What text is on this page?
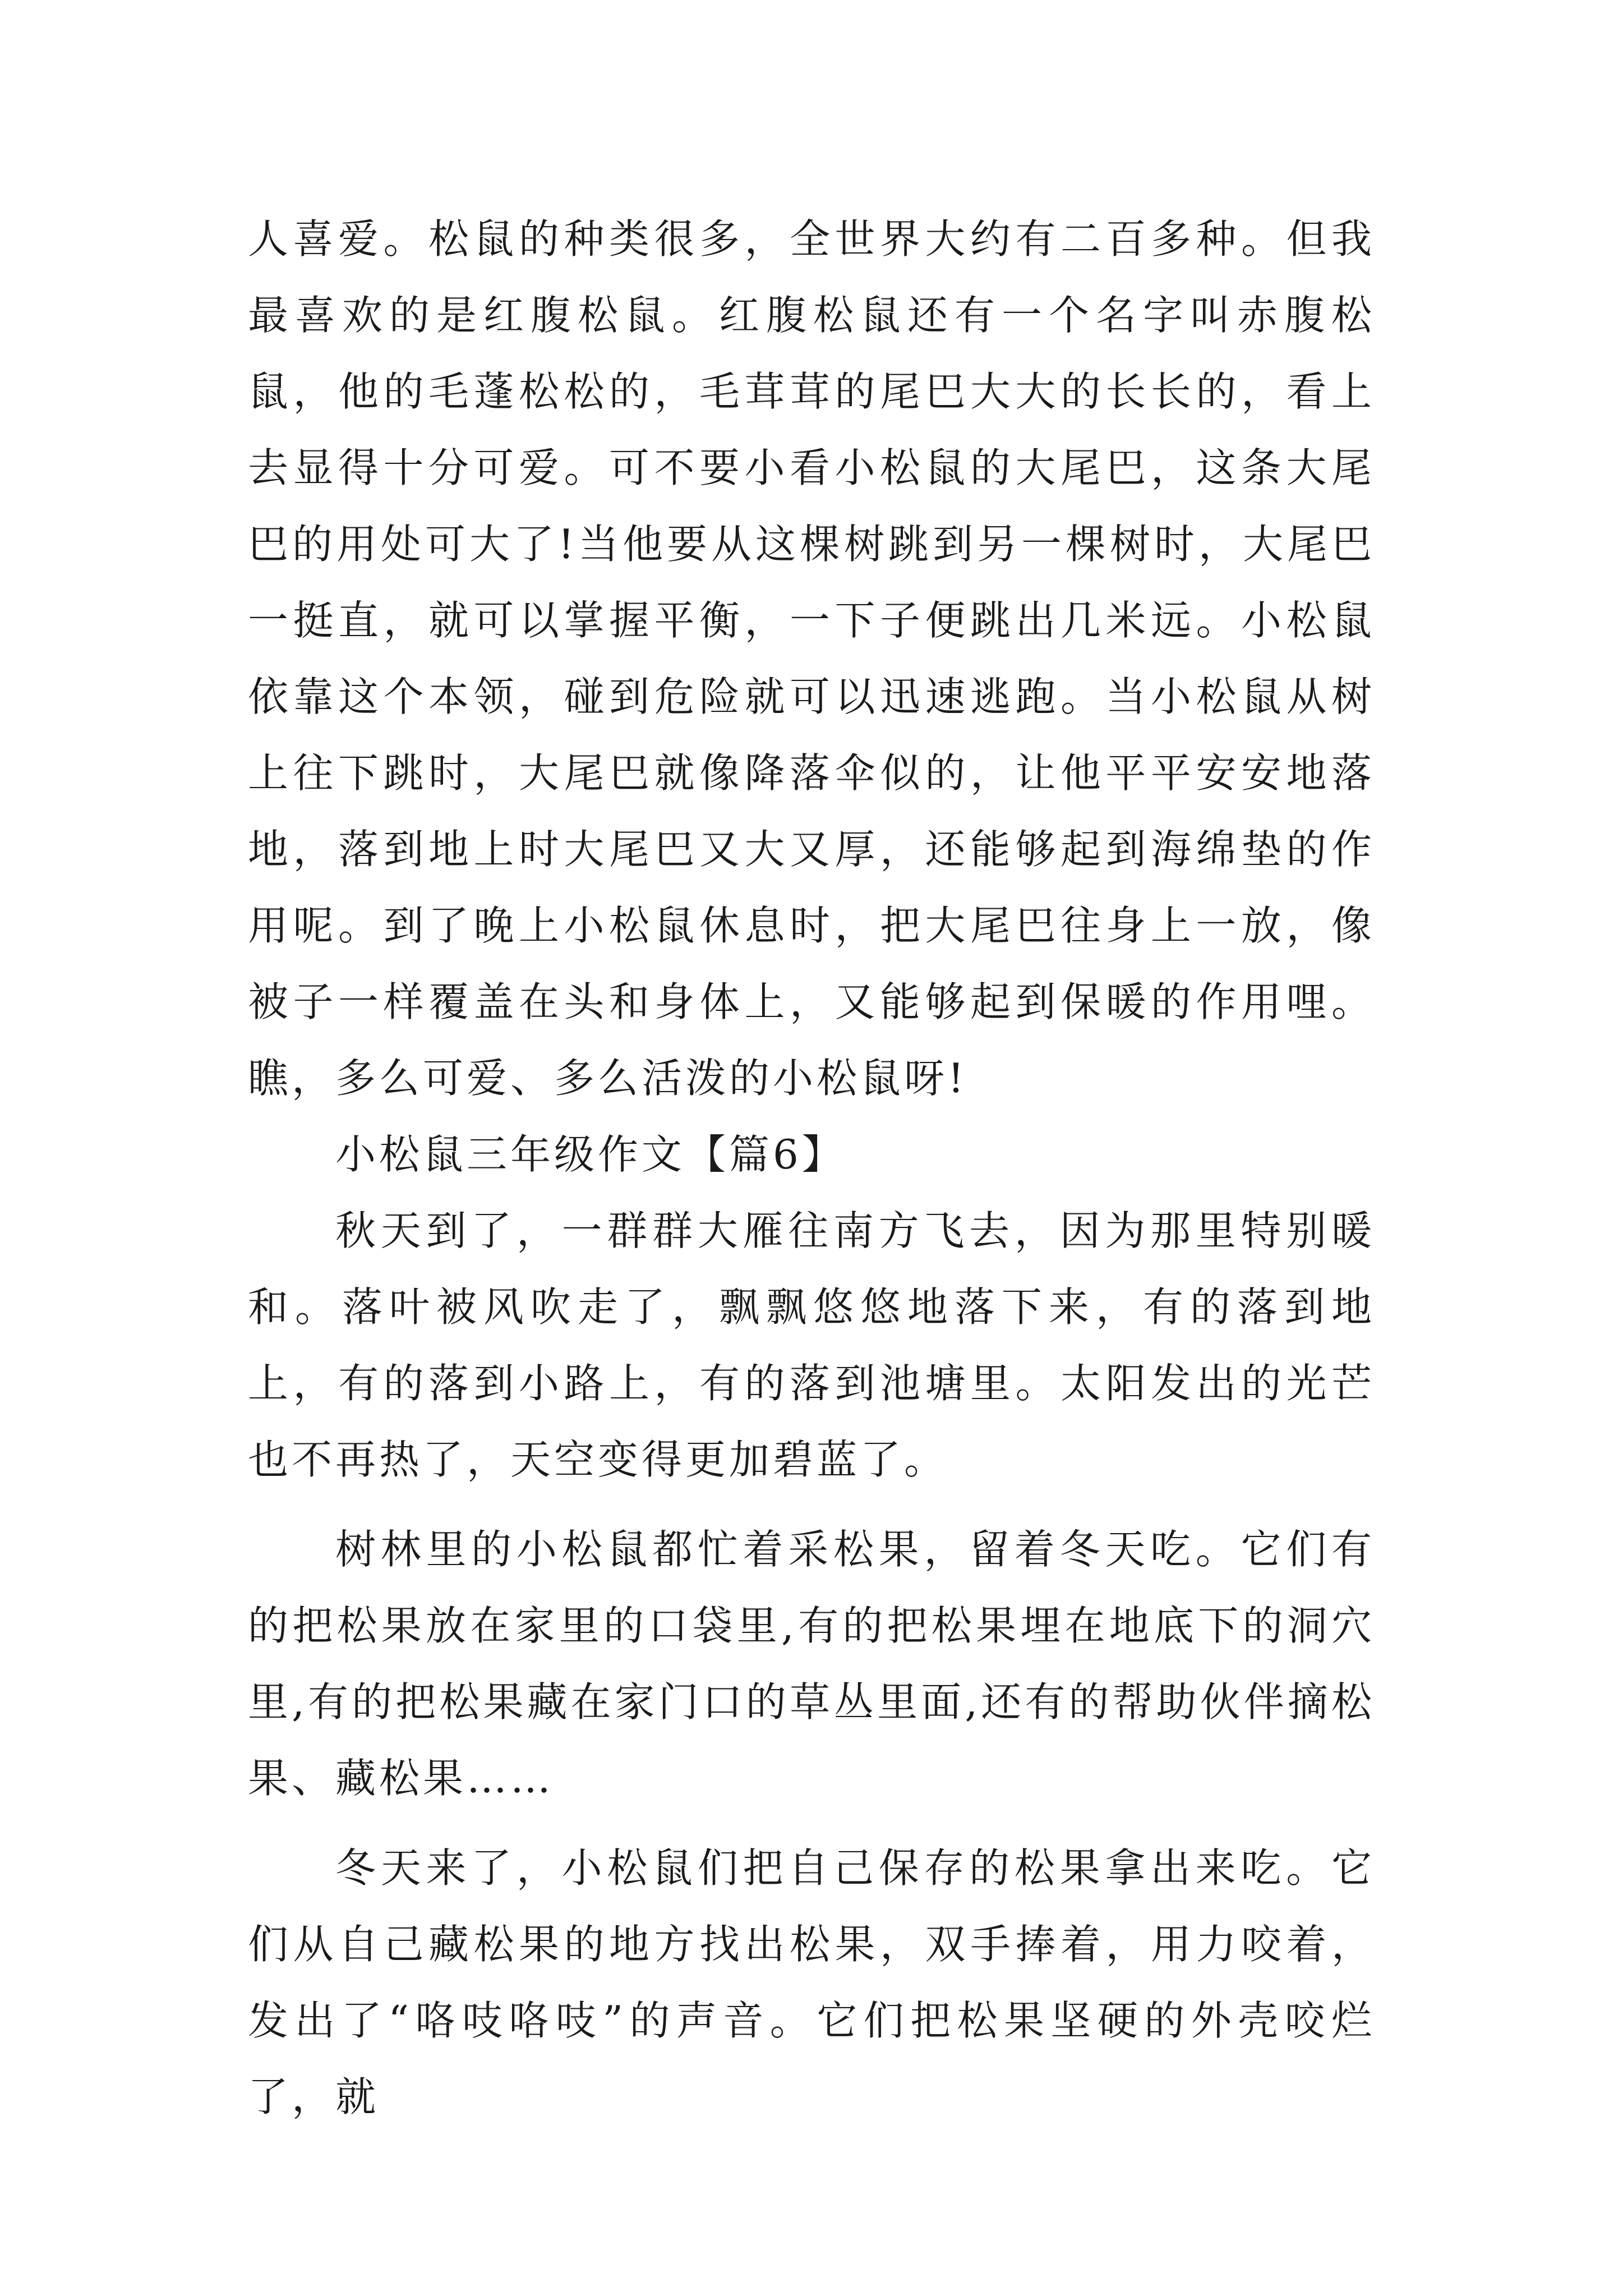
人喜爱。松鼠的种类很多，全世界大约有二百多种。但我最喜欢的是红腹松鼠。红腹松鼠还有一个名字叫赤腹松鼠，他的毛蓬松松的，毛茸茸的尾巴大大的长长的，看上去显得十分可爱。可不要小看小松鼠的大尾巴，这条大尾巴的用处可大了!当他要从这棵树跳到另一棵树时，大尾巴一挺直，就可以掌握平衡，一下子便跳出几米远。小松鼠依靠这个本领，碰到危险就可以迅速逃跑。当小松鼠从树上往下跳时，大尾巴就像降落伞似的，让他平平安安地落地，落到地上时大尾巴又大又厚，还能够起到海绵垫的作用呢。到了晚上小松鼠休息时，把大尾巴往身上一放，像被子一样覆盖在头和身体上，又能够起到保暖的作用哩。瞧，多么可爱、多么活泼的小松鼠呀!

小松鼠三年级作文【篇6】

秋天到了，一群群大雁往南方飞去，因为那里特别暖和。落叶被风吹走了，飘飘悠悠地落下来，有的落到地上，有的落到小路上，有的落到池塘里。太阳发出的光芒也不再热了，天空变得更加碧蓝了。

树林里的小松鼠都忙着采松果，留着冬天吃。它们有的把松果放在家里的口袋里,有的把松果埋在地底下的洞穴里,有的把松果藏在家门口的草丛里面,还有的帮助伙伴摘松果、藏松果……

冬天来了，小松鼠们把自己保存的松果拿出来吃。它们从自己藏松果的地方找出松果，双手捧着，用力咬着，发出了“咯吱咯吱”的声音。它们把松果坚硬的外壳咬烂了，就
